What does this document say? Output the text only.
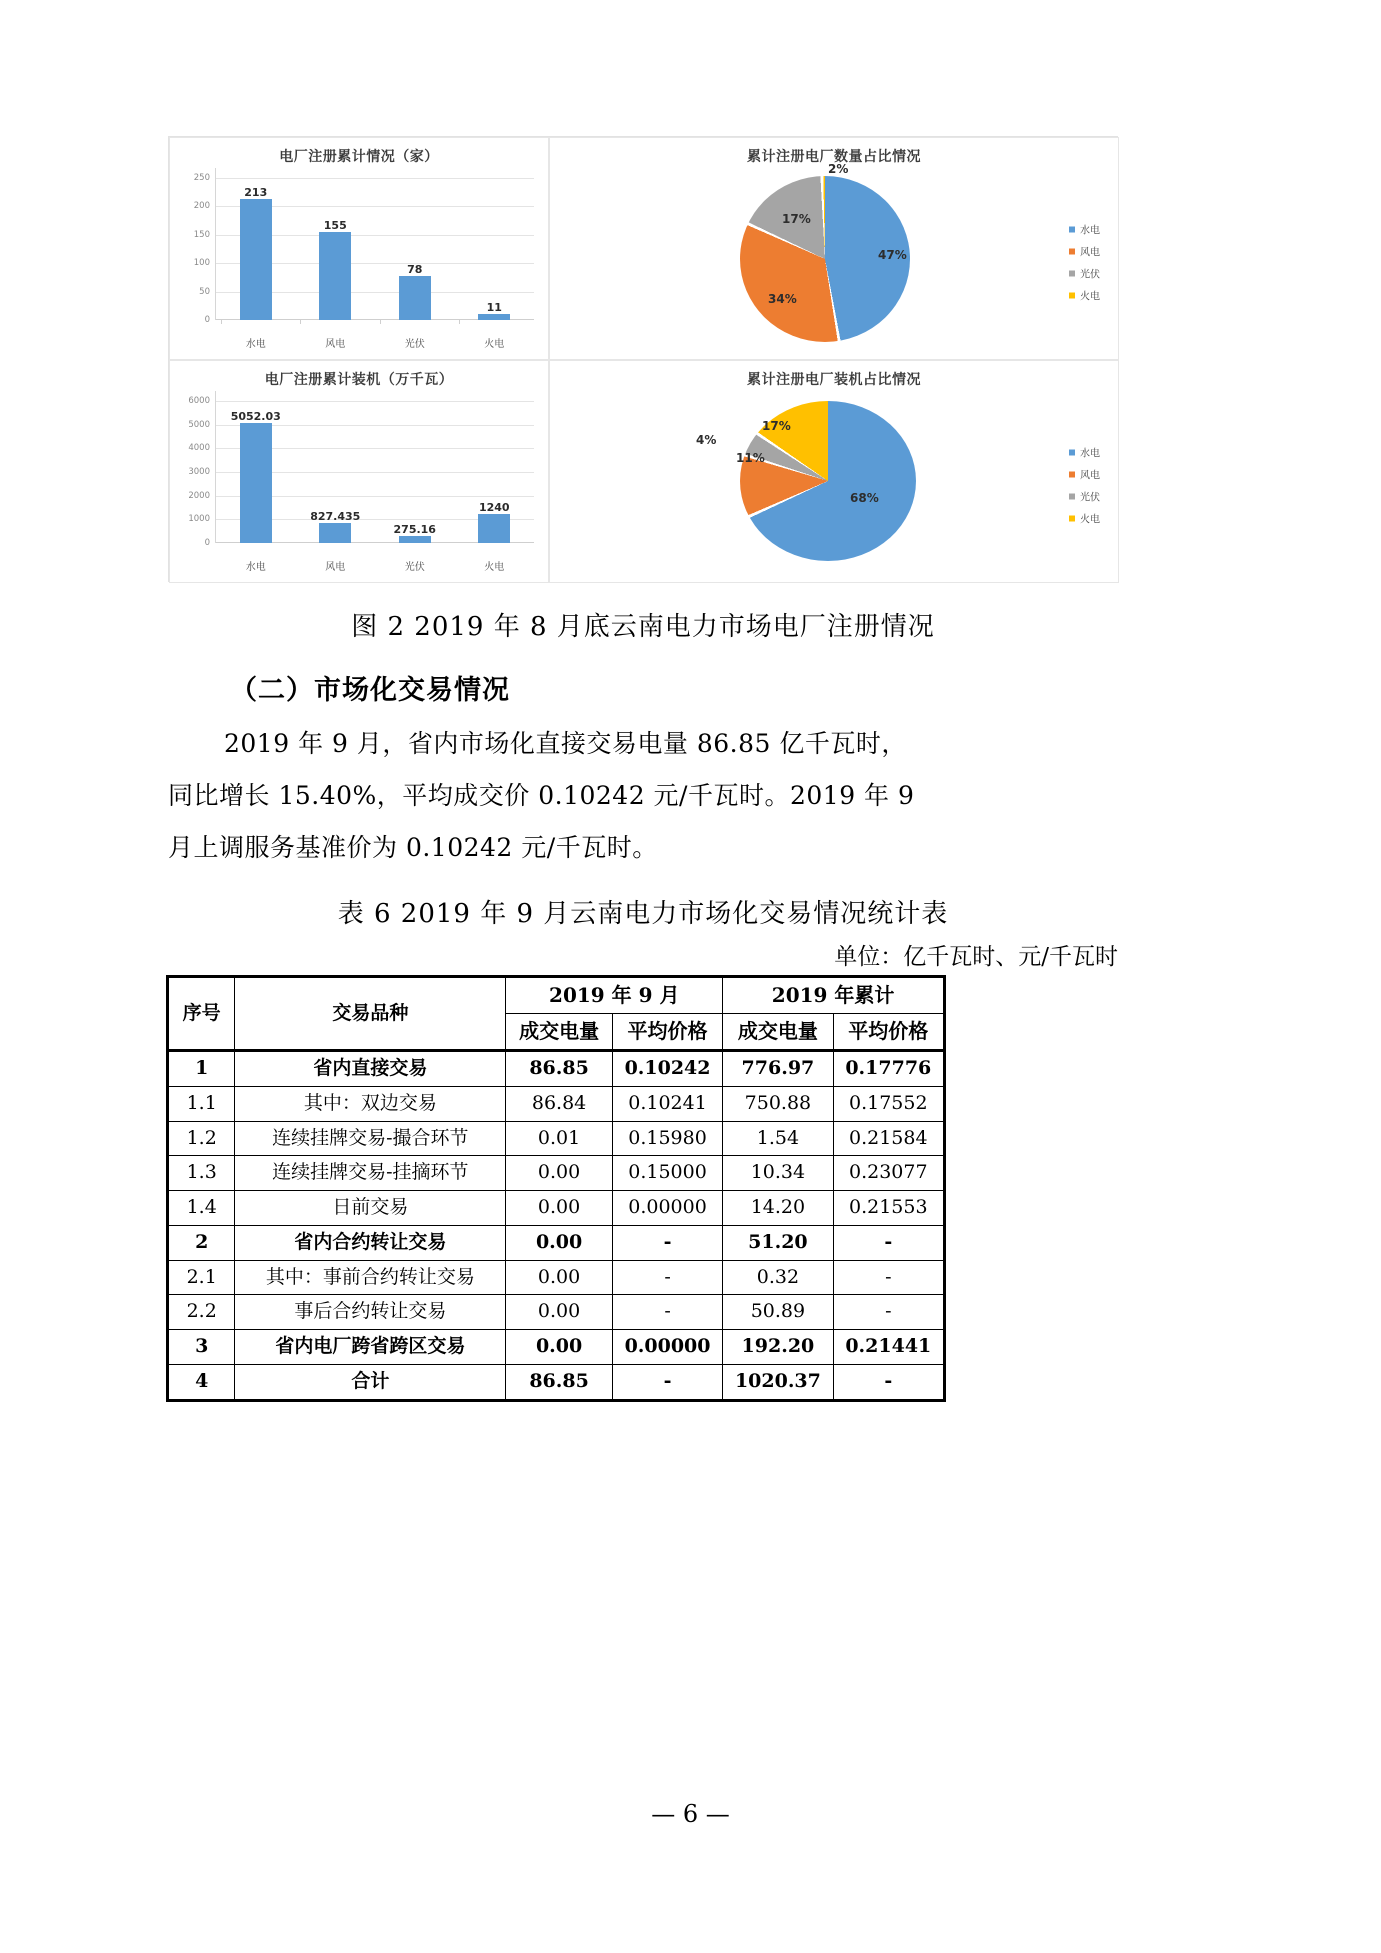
电厂注册累计情况（家）
250
200
150
100
50
0
213
155
78
11
水电	风电	光伏	火电
累计注册电厂数量占比情况
47%
34%
17%
2%
水电
风电
光伏
火电
电厂注册累计装机（万千瓦）
6000
5000
4000
3000
2000
1000
0
5052.03
827.435
275.16
1240
水电	风电	光伏	火电
累计注册电厂装机占比情况
68%
11%
4%
17%
水电
风电
光伏
火电
图 2 2019 年 8 月底云南电力市场电厂注册情况
（二）市场化交易情况
2019 年 9 月，省内市场化直接交易电量 86.85 亿千瓦时，
同比增长 15.40%，平均成交价 0.10242 元/千瓦时。2019 年 9
月上调服务基准价为 0.10242 元/千瓦时。
表 6 2019 年 9 月云南电力市场化交易情况统计表
单位：亿千瓦时、元/千瓦时
序号	交易品种	2019 年 9 月		2019 年累计	
		成交电量	平均价格	成交电量	平均价格
1	省内直接交易	86.85	0.10242	776.97	0.17776
1.1	其中：双边交易	86.84	0.10241	750.88	0.17552
1.2	连续挂牌交易-撮合环节	0.01	0.15980	1.54	0.21584
1.3	连续挂牌交易-挂摘环节	0.00	0.15000	10.34	0.23077
1.4	日前交易	0.00	0.00000	14.20	0.21553
2	省内合约转让交易	0.00	-	51.20	-
2.1	其中：事前合约转让交易	0.00	-	0.32	-
2.2	事后合约转让交易	0.00	-	50.89	-
3	省内电厂跨省跨区交易	0.00	0.00000	192.20	0.21441
4	合计	86.85	-	1020.37	-
— 6 —
